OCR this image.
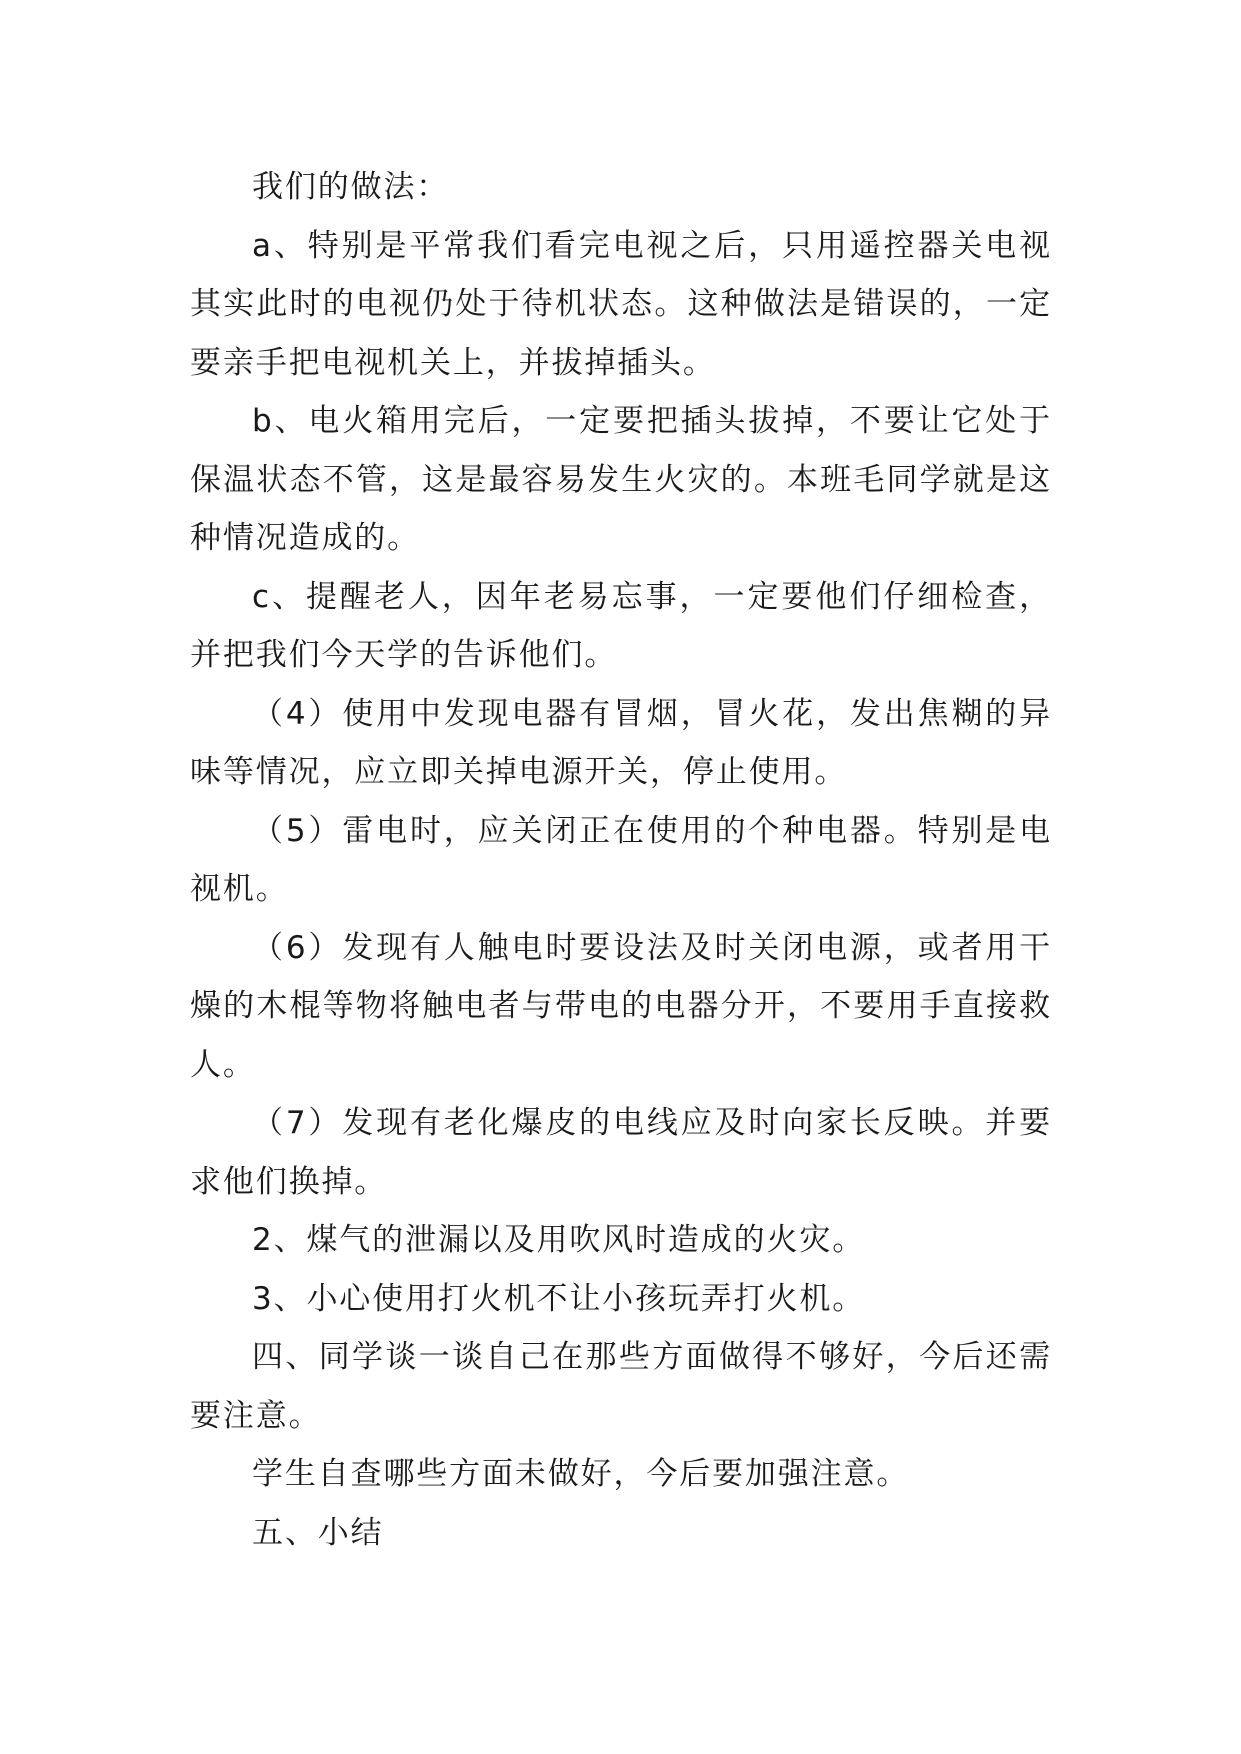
我们的做法：

a、特别是平常我们看完电视之后，只用遥控器关电视其实此时的电视仍处于待机状态。这种做法是错误的，一定要亲手把电视机关上，并拔掉插头。

b、电火箱用完后，一定要把插头拔掉，不要让它处于保温状态不管，这是最容易发生火灾的。本班毛同学就是这种情况造成的。

c、提醒老人，因年老易忘事，一定要他们仔细检查，并把我们今天学的告诉他们。

（4）使用中发现电器有冒烟，冒火花，发出焦糊的异味等情况，应立即关掉电源开关，停止使用。

（5）雷电时，应关闭正在使用的个种电器。特别是电视机。

（6）发现有人触电时要设法及时关闭电源，或者用干燥的木棍等物将触电者与带电的电器分开，不要用手直接救人。

（7）发现有老化爆皮的电线应及时向家长反映。并要求他们换掉。

2、煤气的泄漏以及用吹风时造成的火灾。

3、小心使用打火机不让小孩玩弄打火机。

四、同学谈一谈自己在那些方面做得不够好，今后还需要注意。

学生自查哪些方面未做好，今后要加强注意。

五、小结
